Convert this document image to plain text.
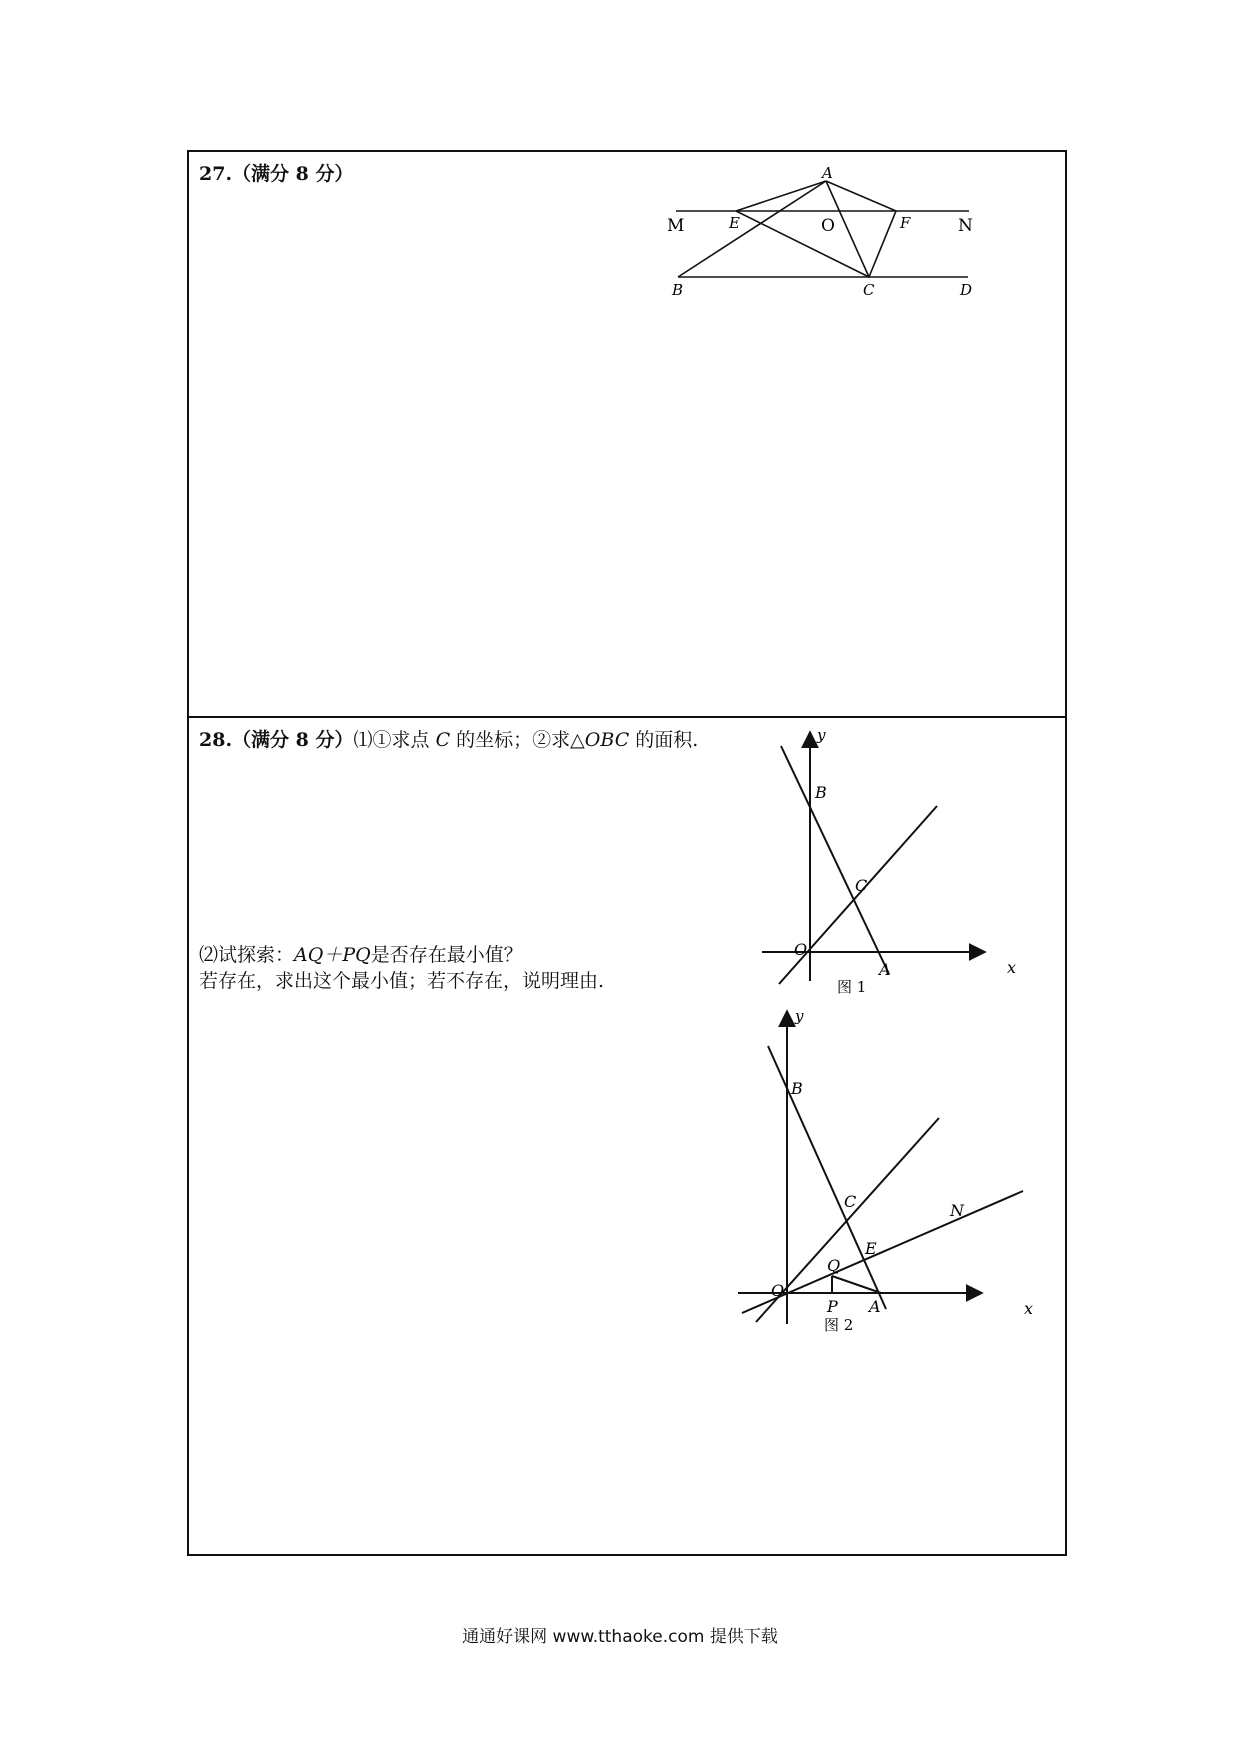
27.（满分 8 分）	A
M	E	O	F	N
B	C	D
28.（满分 8 分）⑴①求点 C 的坐标；②求△OBC 的面积.
⑵试探索：AQ＋PQ是否存在最小值？
若存在，求出这个最小值；若不存在，说明理由.
y
B
C
O
A	x
图 1
y
B
C	N
E
Q
O
P A	x
图 2
通通好课网 www.tthaoke.com 提供下载
